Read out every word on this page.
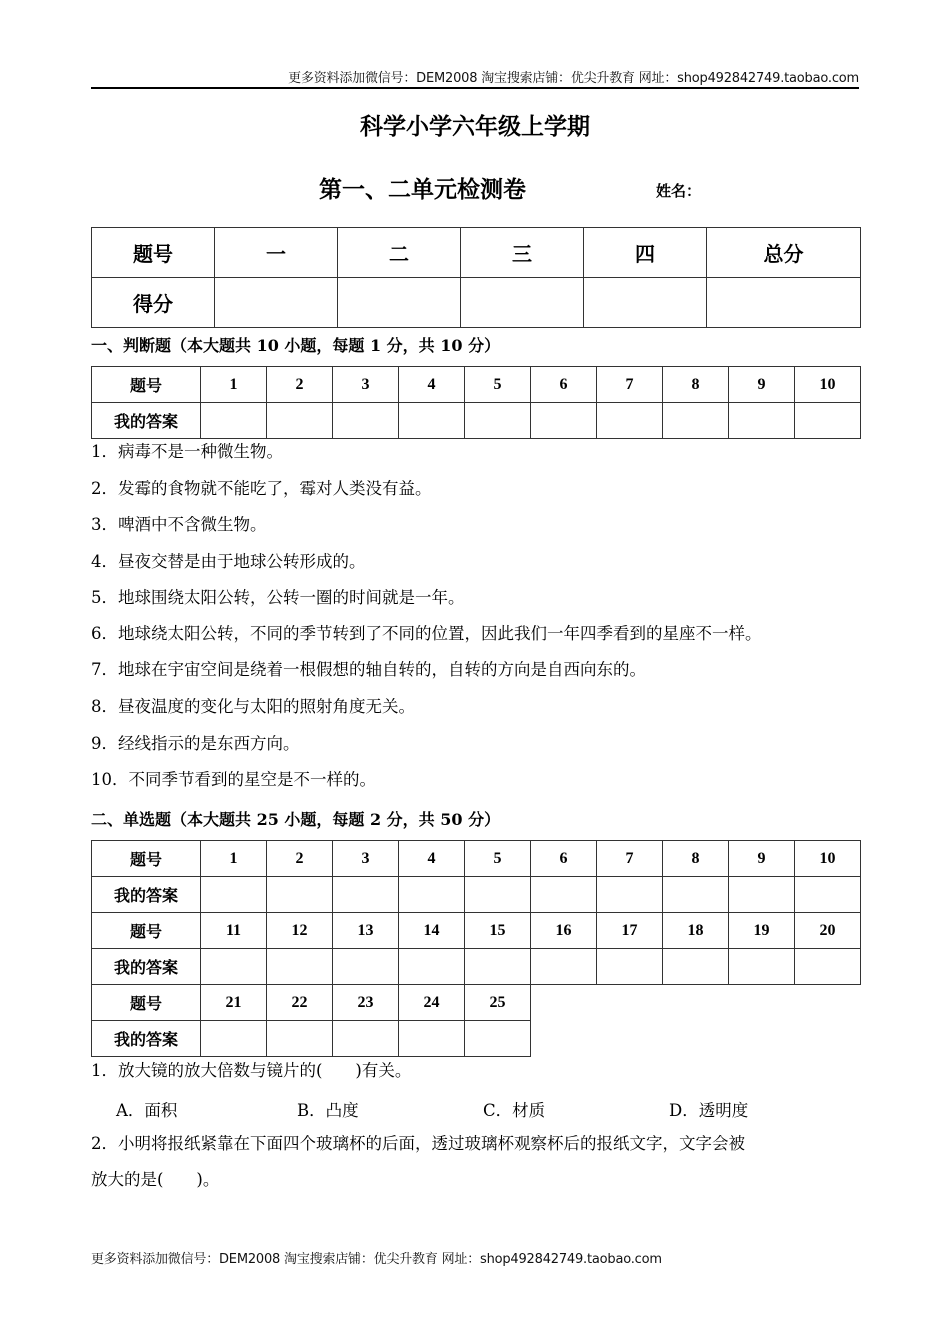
更多资料添加微信号：DEM2008 淘宝搜索店铺：优尖升教育 网址：shop492842749.taobao.com
科学小学六年级上学期
第一、二单元检测卷	姓名：
题号	一	二	三	四	总分
得分					
一、判断题（本大题共 10 小题，每题 1 分，共 10 分）
题号	1	2	3	4	5	6	7	8	9	10
我的答案										
1．病毒不是一种微生物。
2．发霉的食物就不能吃了，霉对人类没有益。
3．啤酒中不含微生物。
4．昼夜交替是由于地球公转形成的。
5．地球围绕太阳公转，公转一圈的时间就是一年。
6．地球绕太阳公转，不同的季节转到了不同的位置，因此我们一年四季看到的星座不一样。
7．地球在宇宙空间是绕着一根假想的轴自转的，自转的方向是自西向东的。
8．昼夜温度的变化与太阳的照射角度无关。
9．经线指示的是东西方向。
10．不同季节看到的星空是不一样的。
二、单选题（本大题共 25 小题，每题 2 分，共 50 分）
题号	1	2	3	4	5	6	7	8	9	10
我的答案										
题号	11	12	13	14	15	16	17	18	19	20
我的答案										
题号	21	22	23	24	25					
我的答案										
1．放大镜的放大倍数与镜片的(　　)有关。
A．面积	B．凸度	C．材质	D．透明度
2．小明将报纸紧靠在下面四个玻璃杯的后面，透过玻璃杯观察杯后的报纸文字，文字会被
放大的是(　　)。
更多资料添加微信号：DEM2008 淘宝搜索店铺：优尖升教育 网址：shop492842749.taobao.com
